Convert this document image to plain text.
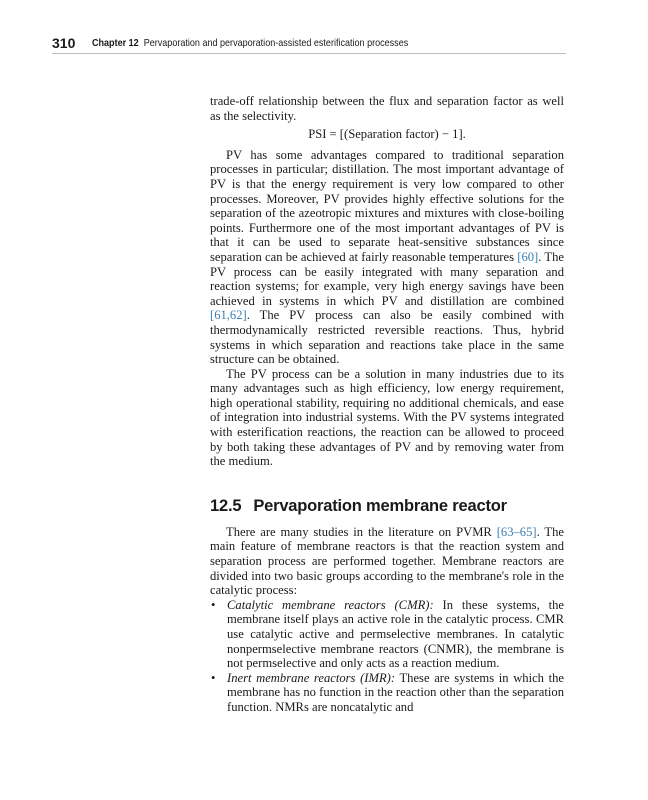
310 Chapter 12 Pervaporation and pervaporation-assisted esterification processes

trade-off relationship between the flux and separation factor as well as the selectivity.

PSI = [(Separation factor) − 1].

PV has some advantages compared to traditional separation processes in particular; distillation. The most important advantage of PV is that the energy requirement is very low compared to other processes. Moreover, PV provides highly effective solutions for the separation of the azeotropic mixtures and mixtures with close-boiling points. Furthermore one of the most important advantages of PV is that it can be used to separate heat-sensitive substances since separation can be achieved at fairly reasonable temperatures [60]. The PV process can be easily integrated with many separation and reaction systems; for example, very high energy savings have been achieved in systems in which PV and distillation are combined [61,62]. The PV process can also be easily combined with thermodynamically restricted reversible reactions. Thus, hybrid systems in which separation and reactions take place in the same structure can be obtained.

The PV process can be a solution in many industries due to its many advantages such as high efficiency, low energy requirement, high operational stability, requiring no additional chemicals, and ease of integration into industrial systems. With the PV systems integrated with esterification reactions, the reaction can be allowed to proceed by both taking these advantages of PV and by removing water from the medium.

12.5 Pervaporation membrane reactor

There are many studies in the literature on PVMR [63–65]. The main feature of membrane reactors is that the reaction system and separation process are performed together. Membrane reactors are divided into two basic groups according to the membrane's role in the catalytic process:

• Catalytic membrane reactors (CMR): In these systems, the membrane itself plays an active role in the catalytic process. CMR use catalytic active and permselective membranes. In catalytic nonpermselective membrane reactors (CNMR), the membrane is not permselective and only acts as a reaction medium.
• Inert membrane reactors (IMR): These are systems in which the membrane has no function in the reaction other than the separation function. NMRs are noncatalytic and
